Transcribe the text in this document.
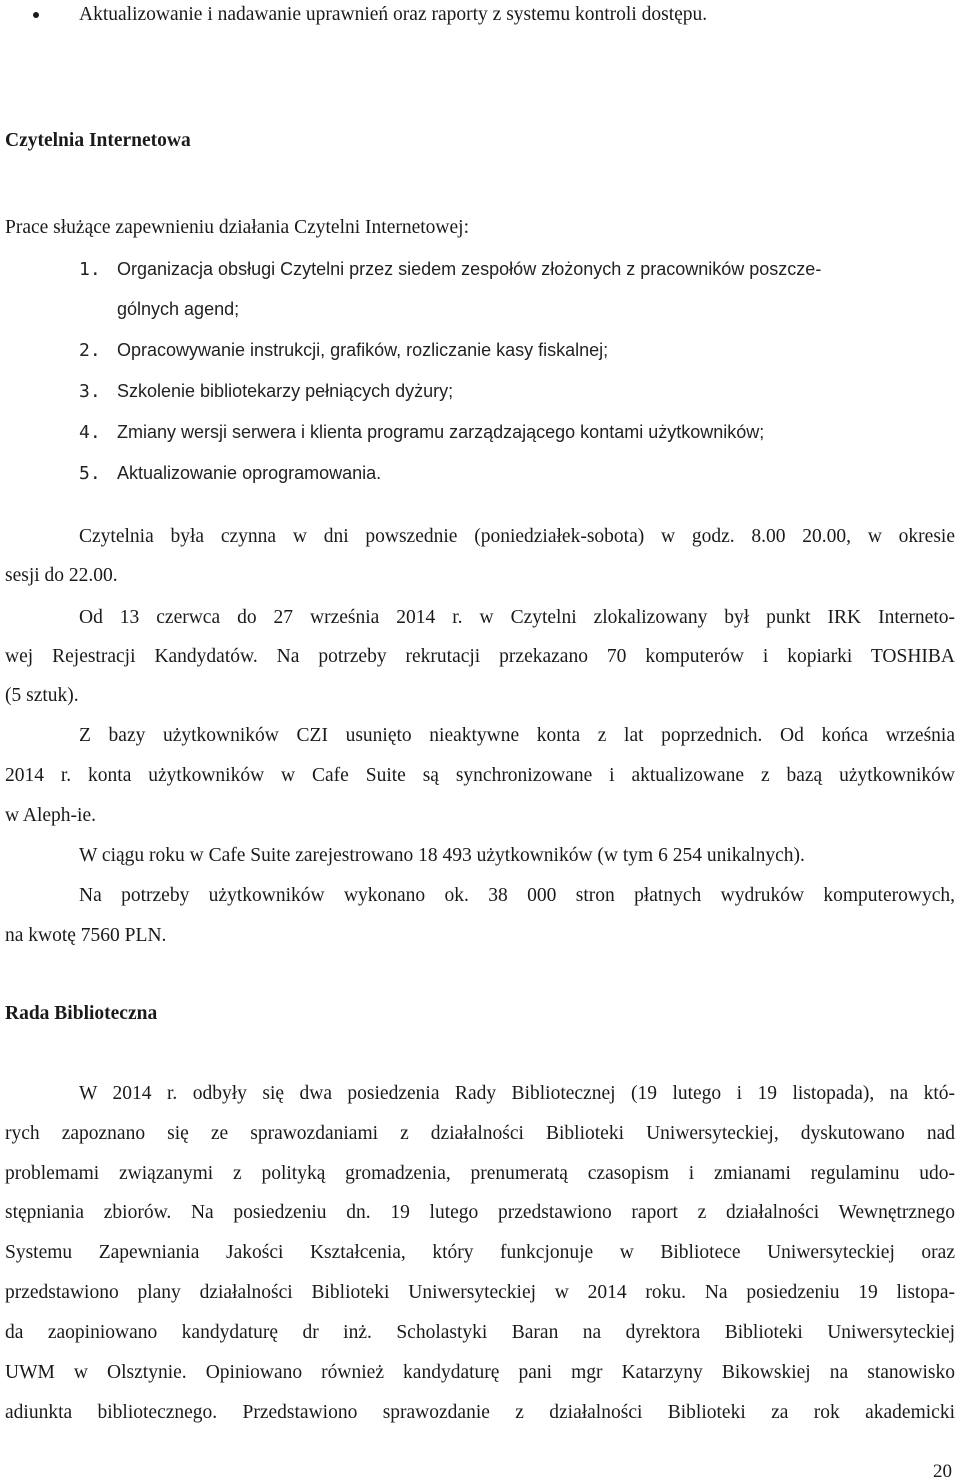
Aktualizowanie i nadawanie uprawnień oraz raporty z systemu kontroli dostępu.
Czytelnia Internetowa
Prace służące zapewnieniu działania Czytelni Internetowej:
1. Organizacja obsługi Czytelni przez siedem zespołów złożonych z pracowników poszcze-
gólnych agend;
2. Opracowywanie instrukcji, grafików, rozliczanie kasy fiskalnej;
3. Szkolenie bibliotekarzy pełniących dyżury;
4. Zmiany wersji serwera i klienta programu zarządzającego kontami użytkowników;
5. Aktualizowanie oprogramowania.
Czytelnia była czynna w dni powszednie (poniedziałek-sobota) w godz. 8.00 20.00, w okresie
sesji do 22.00.
Od 13 czerwca do 27 września 2014 r. w Czytelni zlokalizowany był punkt IRK Internetо-
wej Rejestracji Kandydatów. Na potrzeby rekrutacji przekazano 70 komputerów i kopiarki TOSHIBA
(5 sztuk).
Z bazy użytkowników CZI usunięto nieaktywne konta z lat poprzednich. Od końca września
2014 r. konta użytkowników w Cafe Suite są synchronizowane i aktualizowane z bazą użytkowników
w Aleph-ie.
W ciągu roku w Cafe Suite zarejestrowano 18 493 użytkowników (w tym 6 254 unikalnych).
Na potrzeby użytkowników wykonano ok. 38 000 stron płatnych wydruków komputerowych,
na kwotę 7560 PLN.
Rada Biblioteczna
W 2014 r. odbyły się dwa posiedzenia Rady Bibliotecznej (19 lutego i 19 listopada), na któ-
rych zapoznano się ze sprawozdaniami z działalności Biblioteki Uniwersyteckiej, dyskutowano nad
problemami związanymi z polityką gromadzenia, prenumeratą czasopism i zmianami regulaminu udo-
stępniania zbiorów. Na posiedzeniu dn. 19 lutego przedstawiono raport z działalności Wewnętrznego
Systemu Zapewniania Jakości Kształcenia, który funkcjonuje w Bibliotece Uniwersyteckiej oraz
przedstawiono plany działalności Biblioteki Uniwersyteckiej w 2014 roku. Na posiedzeniu 19 listopa-
da zaopiniowano kandydaturę dr inż. Scholastyki Baran na dyrektora Biblioteki Uniwersyteckiej
UWM w Olsztynie. Opiniowano również kandydaturę pani mgr Katarzyny Bikowskiej na stanowisko
adiunkta bibliotecznego. Przedstawiono sprawozdanie z działalności Biblioteki za rok akademicki
20
